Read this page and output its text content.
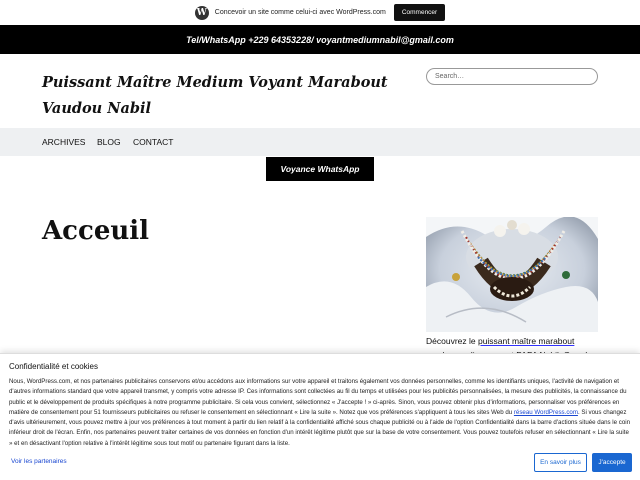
W Concevoir un site comme celui-ci avec WordPress.com	Commencer
Tel/WhatsApp +229 64353228/ voyantmediumnabil@gmail.com
Puissant Maître Medium Voyant Marabout Vaudou Nabil
Search…
ARCHIVES BLOG CONTACT
Voyance WhatsApp
Acceuil
Découvrez le puissant maître marabout
Confidentialité et cookies
Nous, WordPress.com, et nos partenaires publicitaires conservons et/ou accédons aux informations sur votre appareil et traitons également vos données personnelles, comme les identifiants uniques, l'activité de navigation et d'autres informations standard que votre appareil transmet, y compris votre adresse IP. Ces informations sont collectées au fil du temps et utilisées pour les publicités personnalisées, la mesure des publicités, la connaissance du public et le développement de produits spécifiques à notre programme publicitaire. Si cela vous convient, sélectionnez « J'accepte ! » ci-après. Sinon, vous pouvez obtenir plus d'informations, personnaliser vos préférences en matière de consentement pour 51 fournisseurs publicitaires ou refuser le consentement en sélectionnant « Lire la suite ». Notez que vos préférences s'appliquent à tous les sites Web du réseau WordPress.com. Si vous changez d'avis ultérieurement, vous pouvez mettre à jour vos préférences à tout moment à partir du lien relatif à la confidentialité affiché sous chaque publicité ou à l'aide de l'option Confidentialité dans la barre d'actions située dans le coin inférieur droit de l'écran. Enfin, nos partenaires peuvent traiter certaines de vos données en fonction d'un intérêt légitime plutôt que sur la base de votre consentement. Vous pouvez toutefois refuser en sélectionnant « Lire la suite » et en désactivant l'option relative à l'intérêt légitime sous tout motif ou partenaire figurant dans la liste.
Voir les partenaires	En savoir plus	J'accepte
